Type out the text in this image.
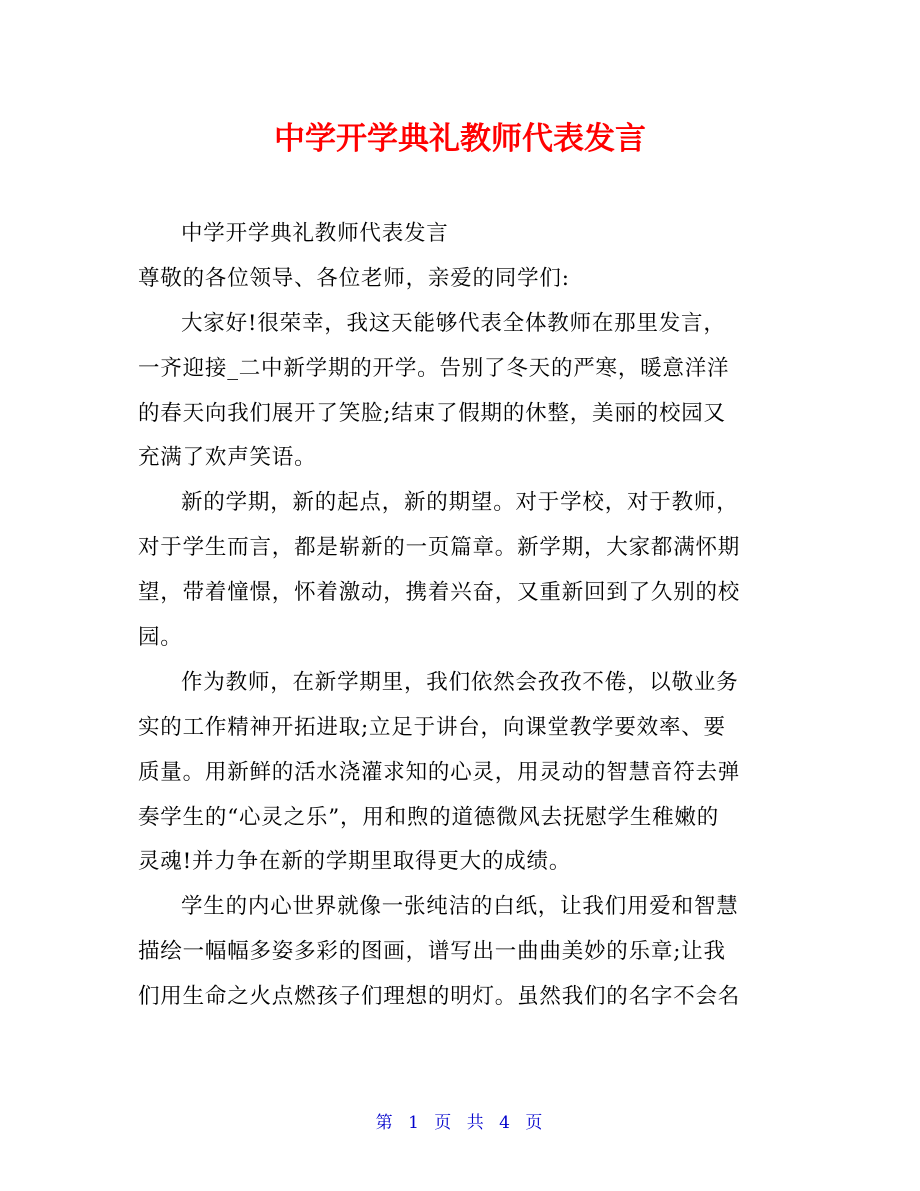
中学开学典礼教师代表发言
中学开学典礼教师代表发言
尊敬的各位领导、各位老师，亲爱的同学们:
大家好!很荣幸，我这天能够代表全体教师在那里发言，
一齐迎接_二中新学期的开学。告别了冬天的严寒，暖意洋洋
的春天向我们展开了笑脸;结束了假期的休整，美丽的校园又
充满了欢声笑语。
新的学期，新的起点，新的期望。对于学校，对于教师，
对于学生而言，都是崭新的一页篇章。新学期，大家都满怀期
望，带着憧憬，怀着激动，携着兴奋，又重新回到了久别的校
园。
作为教师，在新学期里，我们依然会孜孜不倦，以敬业务
实的工作精神开拓进取;立足于讲台，向课堂教学要效率、要
质量。用新鲜的活水浇灌求知的心灵，用灵动的智慧音符去弹
奏学生的“心灵之乐”，用和煦的道德微风去抚慰学生稚嫩的
灵魂!并力争在新的学期里取得更大的成绩。
学生的内心世界就像一张纯洁的白纸，让我们用爱和智慧
描绘一幅幅多姿多彩的图画，谱写出一曲曲美妙的乐章;让我
们用生命之火点燃孩子们理想的明灯。虽然我们的名字不会名
第 1 页 共 4 页
